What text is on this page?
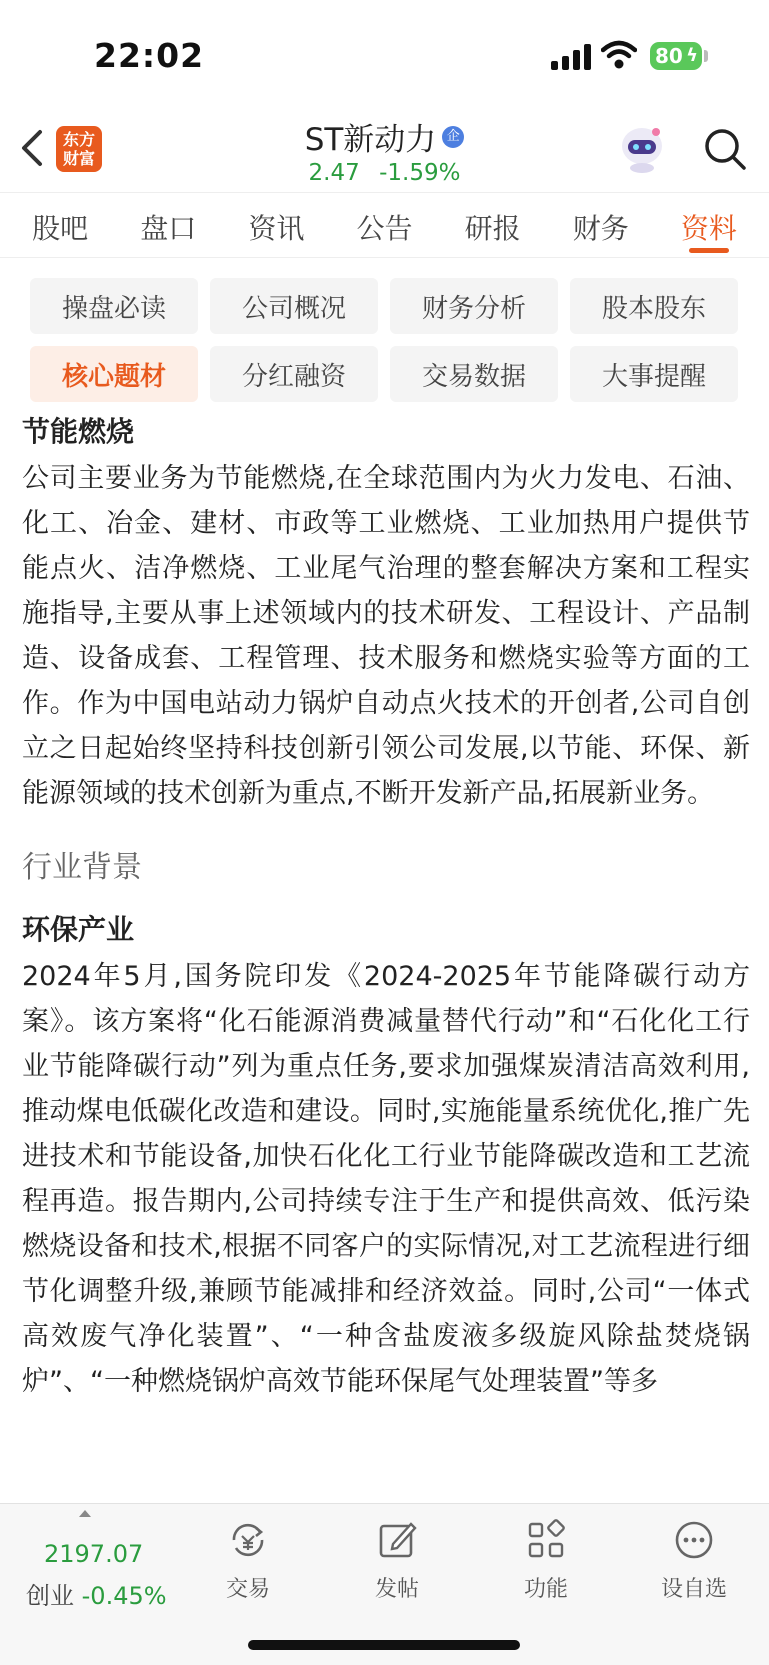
22:02	80 ϟ
东方
财富
ST新动力 企
2.47 -1.59%
股吧	盘口	资讯	公告	研报	财务	资料
操盘必读	公司概况	财务分析	股本股东
核心题材	分红融资	交易数据	大事提醒
节能燃烧
公司主要业务为节能燃烧,在全球范围内为火力发电、石油、化工、冶金、建材、市政等工业燃烧、工业加热用户提供节能点火、洁净燃烧、工业尾气治理的整套解决方案和工程实施指导,主要从事上述领域内的技术研发、工程设计、产品制造、设备成套、工程管理、技术服务和燃烧实验等方面的工作。作为中国电站动力锅炉自动点火技术的开创者,公司自创立之日起始终坚持科技创新引领公司发展,以节能、环保、新能源领域的技术创新为重点,不断开发新产品,拓展新业务。
行业背景
环保产业
2024年5月,国务院印发《2024-2025年节能降碳行动方案》。该方案将“化石能源消费减量替代行动”和“石化化工行业节能降碳行动”列为重点任务,要求加强煤炭清洁高效利用,推动煤电低碳化改造和建设。同时,实施能量系统优化,推广先进技术和节能设备,加快石化化工行业节能降碳改造和工艺流程再造。报告期内,公司持续专注于生产和提供高效、低污染燃烧设备和技术,根据不同客户的实际情况,对工艺流程进行细节化调整升级,兼顾节能减排和经济效益。同时,公司“一体式高效废气净化装置”、“一种含盐废液多级旋风除盐焚烧锅炉”、“一种燃烧锅炉高效节能环保尾气处理装置”等多
2197.07
创业 -0.45%	交易	发帖	功能	设自选
